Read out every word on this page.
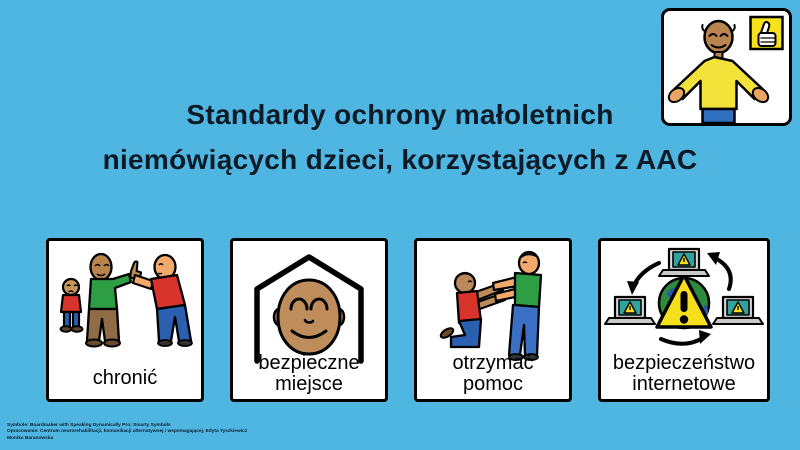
Standardy ochrony małoletnich
niemówiących dzieci, korzystających z AAC
chronić
bezpieczne
miejsce
otrzymać
pomoc
bezpieczeństwo
internetowe
Symbole: Boardmaker with Speaking Dynamically Pro; Smarty Symbols
Opracowanie: Centrum neurorehabilitacji, komunikacji alternatywnej i wspomagającej, Edyta Tyszkiewicz
Monika Baranowska
